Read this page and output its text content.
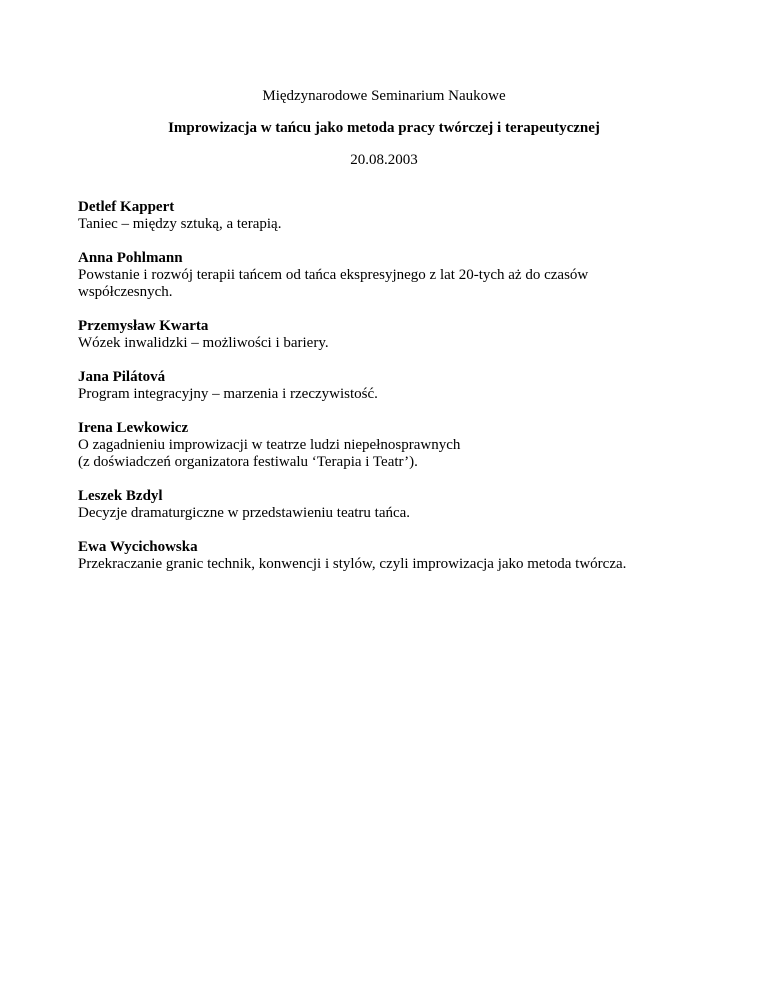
Międzynarodowe Seminarium Naukowe
Improwizacja w tańcu jako metoda pracy twórczej i terapeutycznej
20.08.2003
Detlef Kappert
Taniec – między sztuką, a terapią.
Anna Pohlmann
Powstanie i rozwój terapii tańcem od tańca ekspresyjnego z lat 20-tych aż do czasów
współczesnych.
Przemysław Kwarta
Wózek inwalidzki – możliwości i bariery.
Jana Pilátová
Program integracyjny – marzenia i rzeczywistość.
Irena Lewkowicz
O zagadnieniu improwizacji w teatrze ludzi niepełnosprawnych
(z doświadczeń organizatora festiwalu ‘Terapia i Teatr’).
Leszek Bzdyl
Decyzje dramaturgiczne w przedstawieniu teatru tańca.
Ewa Wycichowska
Przekraczanie granic technik, konwencji i stylów, czyli improwizacja jako metoda twórcza.
